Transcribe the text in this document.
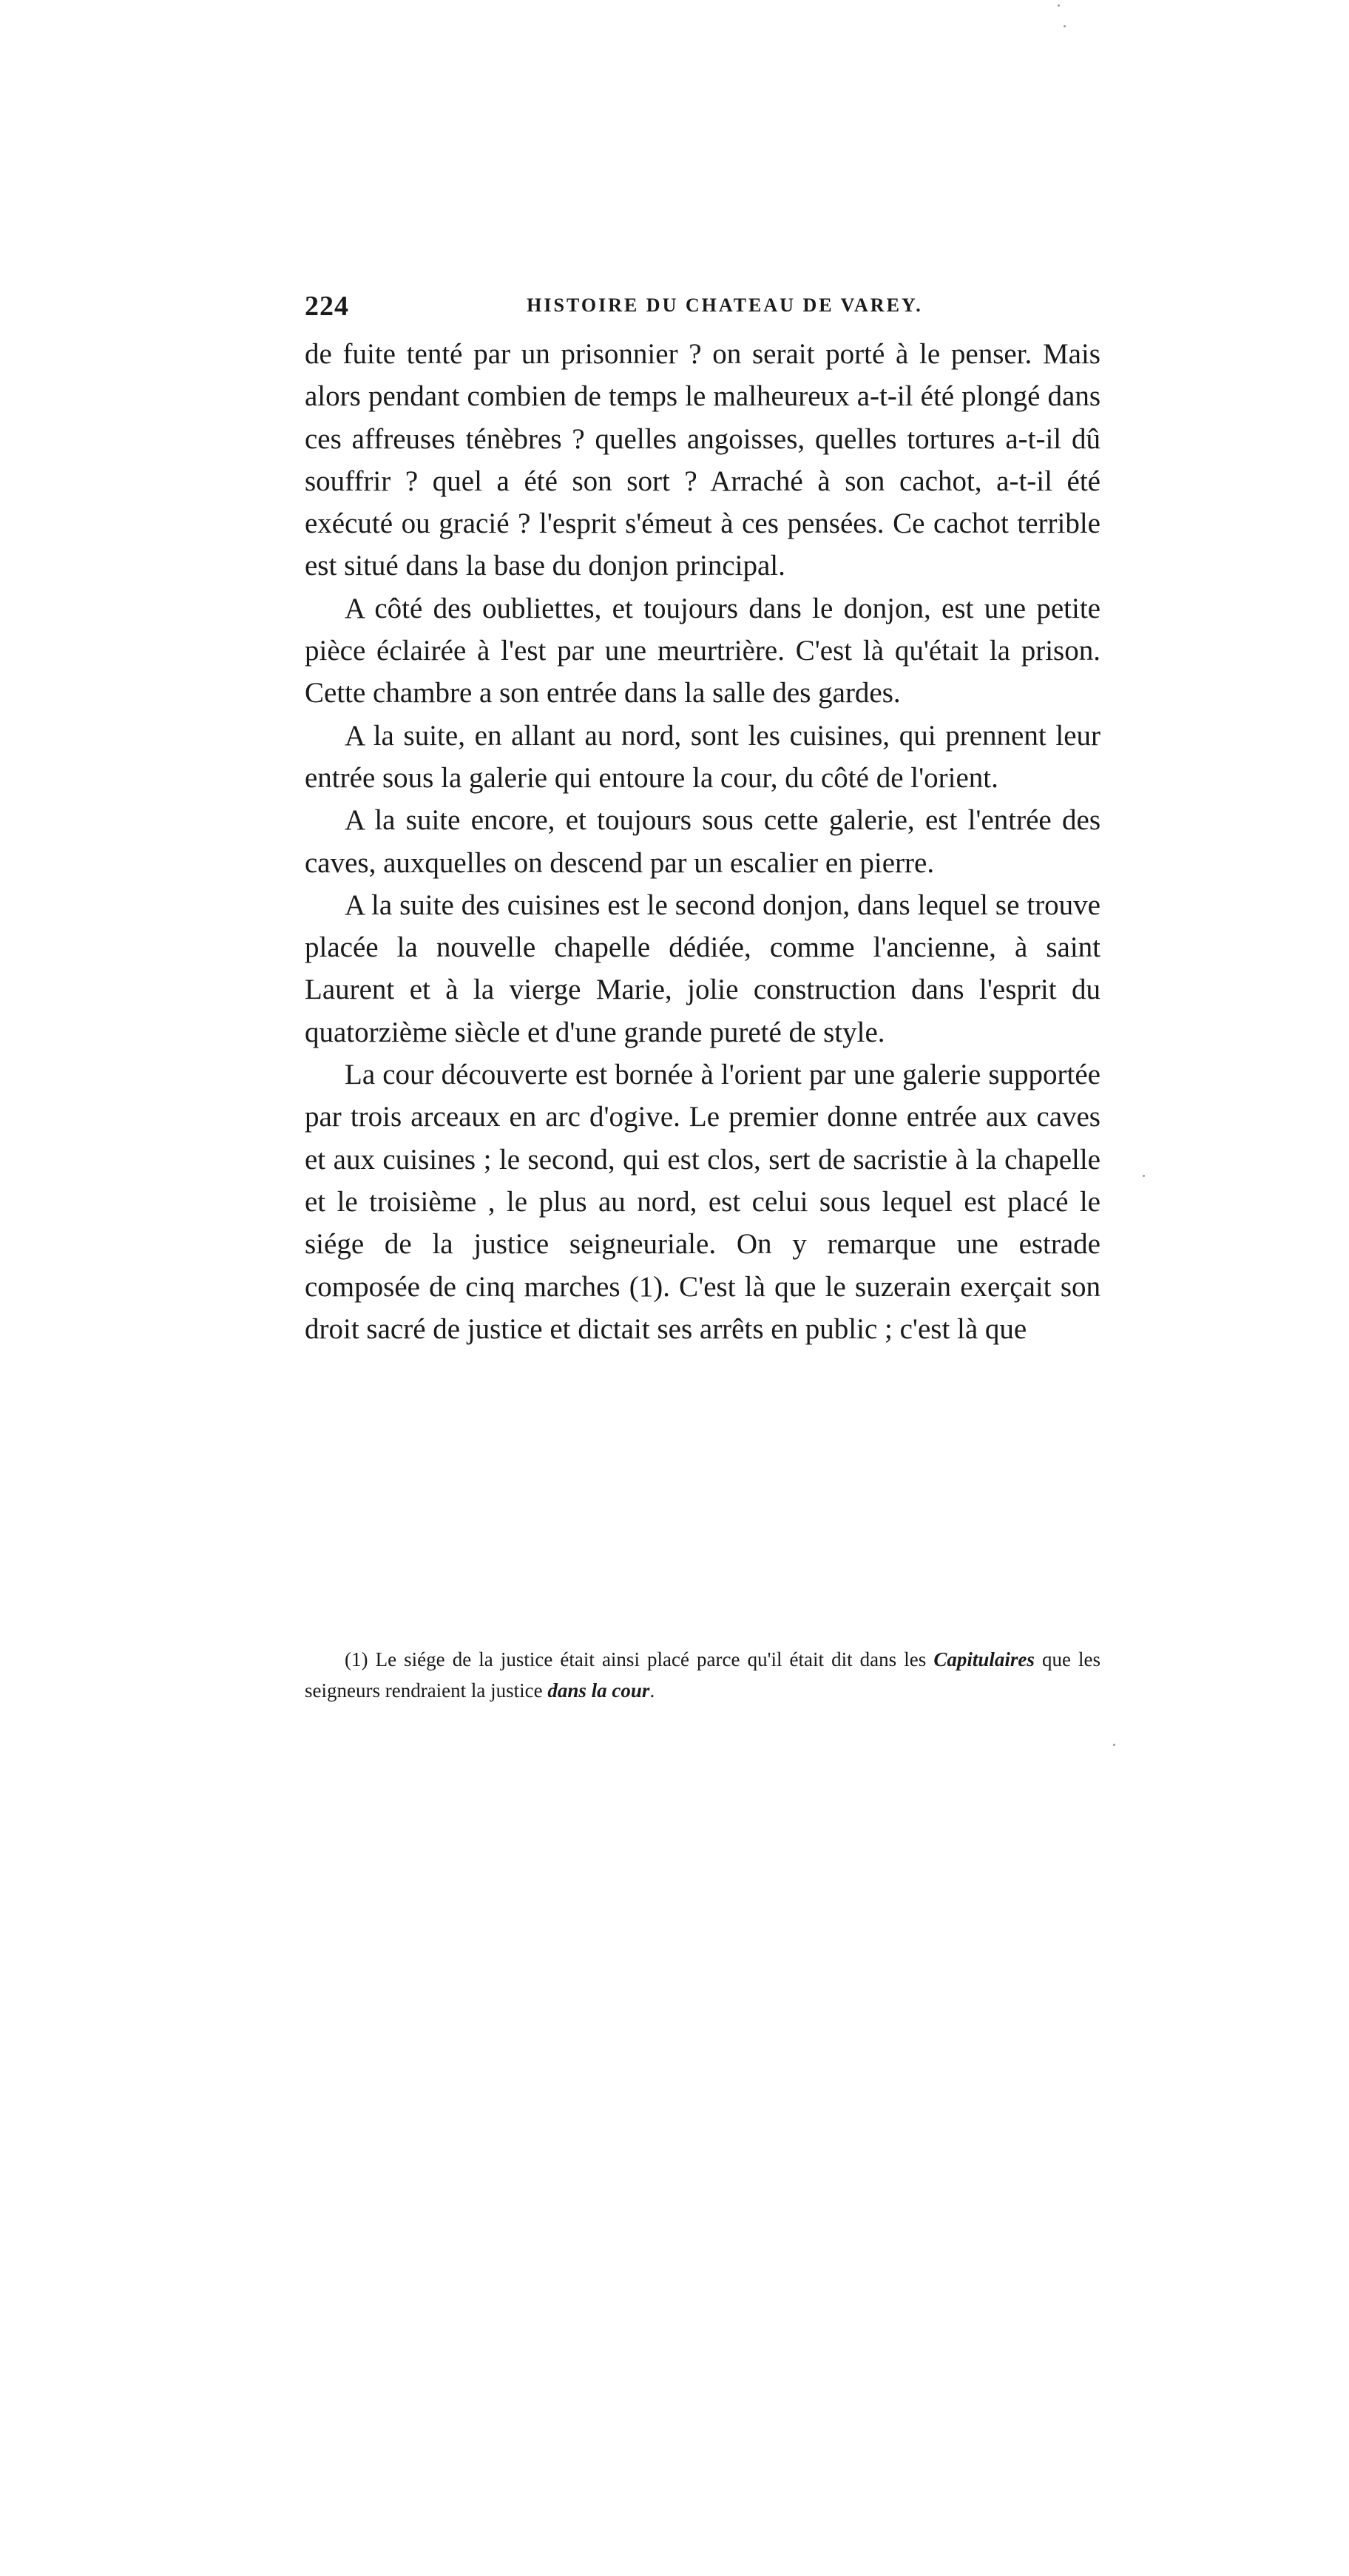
224	HISTOIRE DU CHATEAU DE VAREY.

de fuite tenté par un prisonnier ? on serait porté à le penser. Mais alors pendant combien de temps le malheureux a-t-il été plongé dans ces affreuses ténèbres ? quelles angoisses, quelles tortures a-t-il dû souffrir ? quel a été son sort ? Arraché à son cachot, a-t-il été exécuté ou gracié ? l'esprit s'émeut à ces pensées. Ce cachot terrible est situé dans la base du donjon principal.

A côté des oubliettes, et toujours dans le donjon, est une petite pièce éclairée à l'est par une meurtrière. C'est là qu'était la prison. Cette chambre a son entrée dans la salle des gardes.

A la suite, en allant au nord, sont les cuisines, qui prennent leur entrée sous la galerie qui entoure la cour, du côté de l'orient.

A la suite encore, et toujours sous cette galerie, est l'entrée des caves, auxquelles on descend par un escalier en pierre.

A la suite des cuisines est le second donjon, dans lequel se trouve placée la nouvelle chapelle dédiée, comme l'ancienne, à saint Laurent et à la vierge Marie, jolie construction dans l'esprit du quatorzième siècle et d'une grande pureté de style.

La cour découverte est bornée à l'orient par une galerie supportée par trois arceaux en arc d'ogive. Le premier donne entrée aux caves et aux cuisines ; le second, qui est clos, sert de sacristie à la chapelle et le troisième , le plus au nord, est celui sous lequel est placé le siége de la justice seigneuriale. On y remarque une estrade composée de cinq marches (1). C'est là que le suzerain exerçait son droit sacré de justice et dictait ses arrêts en public ; c'est là que

(1) Le siége de la justice était ainsi placé parce qu'il était dit dans les Capitulaires que les seigneurs rendraient la justice dans la cour.
